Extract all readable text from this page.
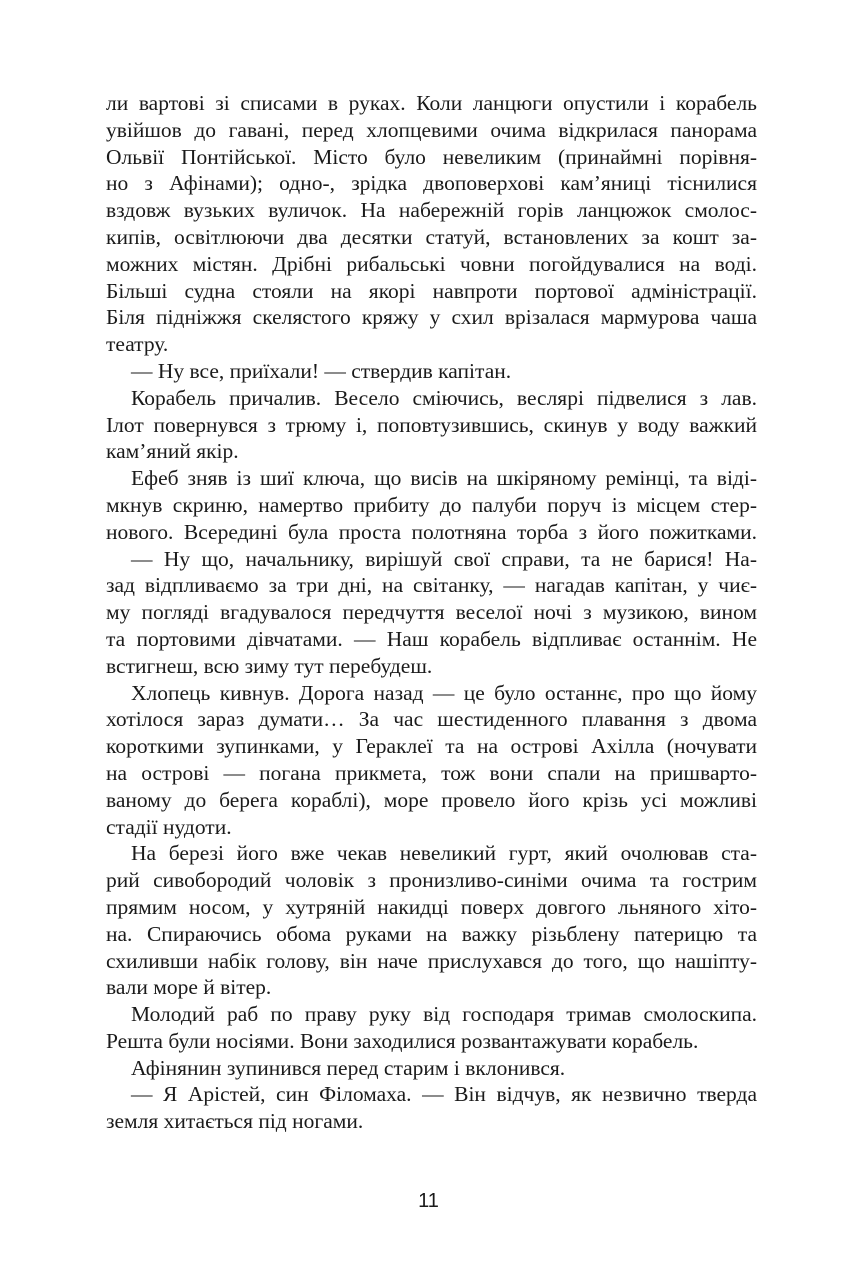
ли вартові зі списами в руках. Коли ланцюги опустили і корабель
увійшов до гавані, перед хлопцевими очима відкрилася панорама
Ольвії Понтійської. Місто було невеликим (принаймні порівня-
но з Афінами); одно-, зрідка двоповерхові кам’яниці тіснилися
вздовж вузьких вуличок. На набережній горів ланцюжок смолос-
кипів, освітлюючи два десятки статуй, встановлених за кошт за-
можних містян. Дрібні рибальські човни погойдувалися на воді.
Більші судна стояли на якорі навпроти портової адміністрації.
Біля підніжжя скелястого кряжу у схил врізалася мармурова чаша
театру.
— Ну все, приїхали! — ствердив капітан.
Корабель причалив. Весело сміючись, веслярі підвелися з лав.
Ілот повернувся з трюму і, поповтузившись, скинув у воду важкий
кам’яний якір.
Ефеб зняв із шиї ключа, що висів на шкіряному ремінці, та віді-
мкнув скриню, намертво прибиту до палуби поруч із місцем стер-
нового. Всередині була проста полотняна торба з його пожитками.
— Ну що, начальнику, вирішуй свої справи, та не барися! На-
зад відпливаємо за три дні, на світанку, — нагадав капітан, у чиє-
му погляді вгадувалося передчуття веселої ночі з музикою, вином
та портовими дівчатами. — Наш корабель відпливає останнім. Не
встигнеш, всю зиму тут перебудеш.
Хлопець кивнув. Дорога назад — це було останнє, про що йому
хотілося зараз думати… За час шестиденного плавання з двома
короткими зупинками, у Гераклеї та на острові Ахілла (ночувати
на острові — погана прикмета, тож вони спали на пришварто-
ваному до берега кораблі), море провело його крізь усі можливі
стадії нудоти.
На березі його вже чекав невеликий гурт, який очолював ста-
рий сивобородий чоловік з пронизливо-синіми очима та гострим
прямим носом, у хутряній накидці поверх довгого льняного хіто-
на. Спираючись обома руками на важку різьблену патерицю та
схиливши набік голову, він наче прислухався до того, що нашіпту-
вали море й вітер.
Молодий раб по праву руку від господаря тримав смолоскипа.
Решта були носіями. Вони заходилися розвантажувати корабель.
Афінянин зупинився перед старим і вклонився.
— Я Арістей, син Філомаха. — Він відчув, як незвично тверда
земля хитається під ногами.
11
